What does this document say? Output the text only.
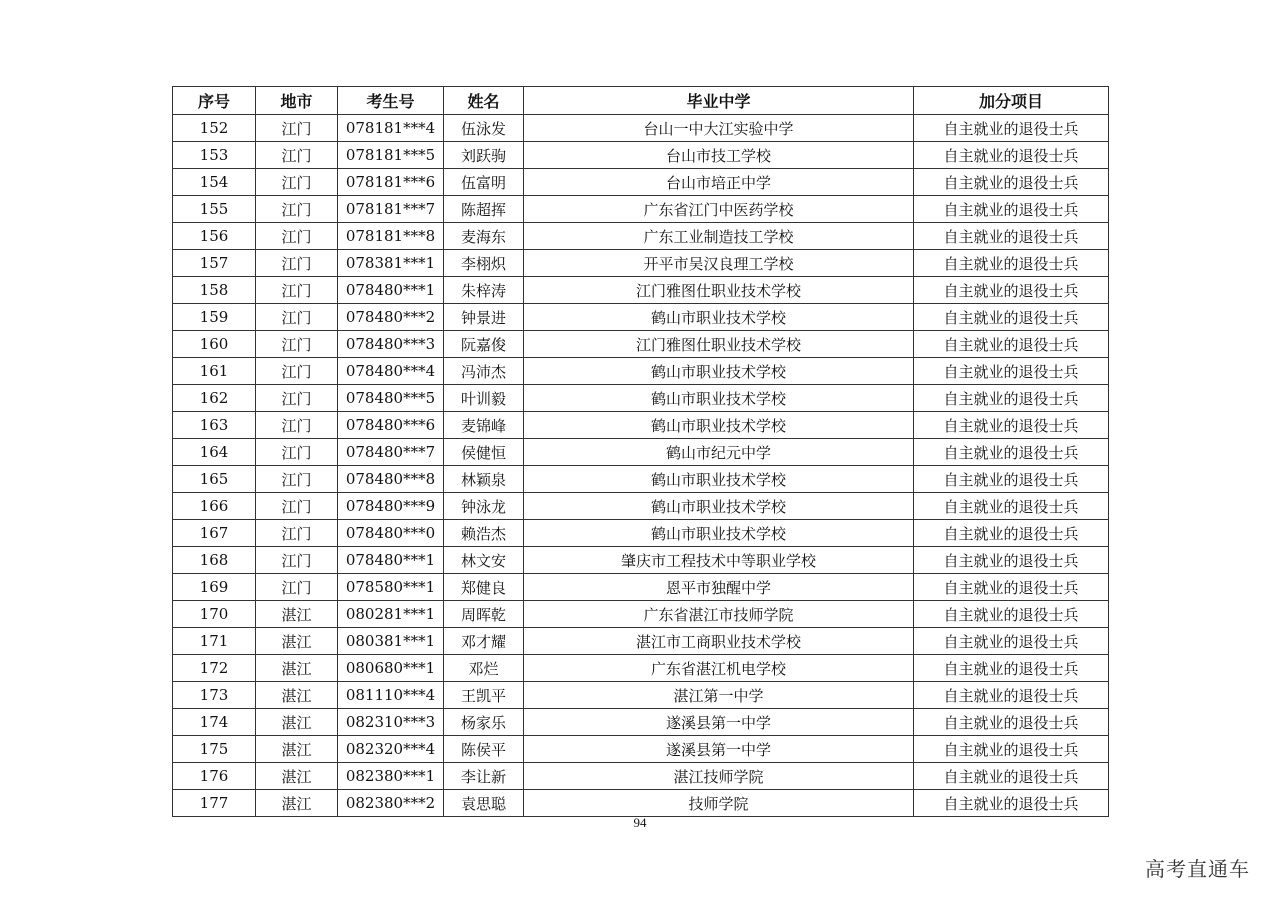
序号	地市	考生号	姓名	毕业中学	加分项目
152	江门	078181***4	伍泳发	台山一中大江实验中学	自主就业的退役士兵
153	江门	078181***5	刘跃驹	台山市技工学校	自主就业的退役士兵
154	江门	078181***6	伍富明	台山市培正中学	自主就业的退役士兵
155	江门	078181***7	陈超挥	广东省江门中医药学校	自主就业的退役士兵
156	江门	078181***8	麦海东	广东工业制造技工学校	自主就业的退役士兵
157	江门	078381***1	李栩炽	开平市吴汉良理工学校	自主就业的退役士兵
158	江门	078480***1	朱梓涛	江门雅图仕职业技术学校	自主就业的退役士兵
159	江门	078480***2	钟景进	鹤山市职业技术学校	自主就业的退役士兵
160	江门	078480***3	阮嘉俊	江门雅图仕职业技术学校	自主就业的退役士兵
161	江门	078480***4	冯沛杰	鹤山市职业技术学校	自主就业的退役士兵
162	江门	078480***5	叶训毅	鹤山市职业技术学校	自主就业的退役士兵
163	江门	078480***6	麦锦峰	鹤山市职业技术学校	自主就业的退役士兵
164	江门	078480***7	侯健恒	鹤山市纪元中学	自主就业的退役士兵
165	江门	078480***8	林颖泉	鹤山市职业技术学校	自主就业的退役士兵
166	江门	078480***9	钟泳龙	鹤山市职业技术学校	自主就业的退役士兵
167	江门	078480***0	赖浩杰	鹤山市职业技术学校	自主就业的退役士兵
168	江门	078480***1	林文安	肇庆市工程技术中等职业学校	自主就业的退役士兵
169	江门	078580***1	郑健良	恩平市独醒中学	自主就业的退役士兵
170	湛江	080281***1	周晖乾	广东省湛江市技师学院	自主就业的退役士兵
171	湛江	080381***1	邓才耀	湛江市工商职业技术学校	自主就业的退役士兵
172	湛江	080680***1	邓烂	广东省湛江机电学校	自主就业的退役士兵
173	湛江	081110***4	王凯平	湛江第一中学	自主就业的退役士兵
174	湛江	082310***3	杨家乐	遂溪县第一中学	自主就业的退役士兵
175	湛江	082320***4	陈侯平	遂溪县第一中学	自主就业的退役士兵
176	湛江	082380***1	李让新	湛江技师学院	自主就业的退役士兵
177	湛江	082380***2	袁思聪	技师学院	自主就业的退役士兵
94
高考直通车
